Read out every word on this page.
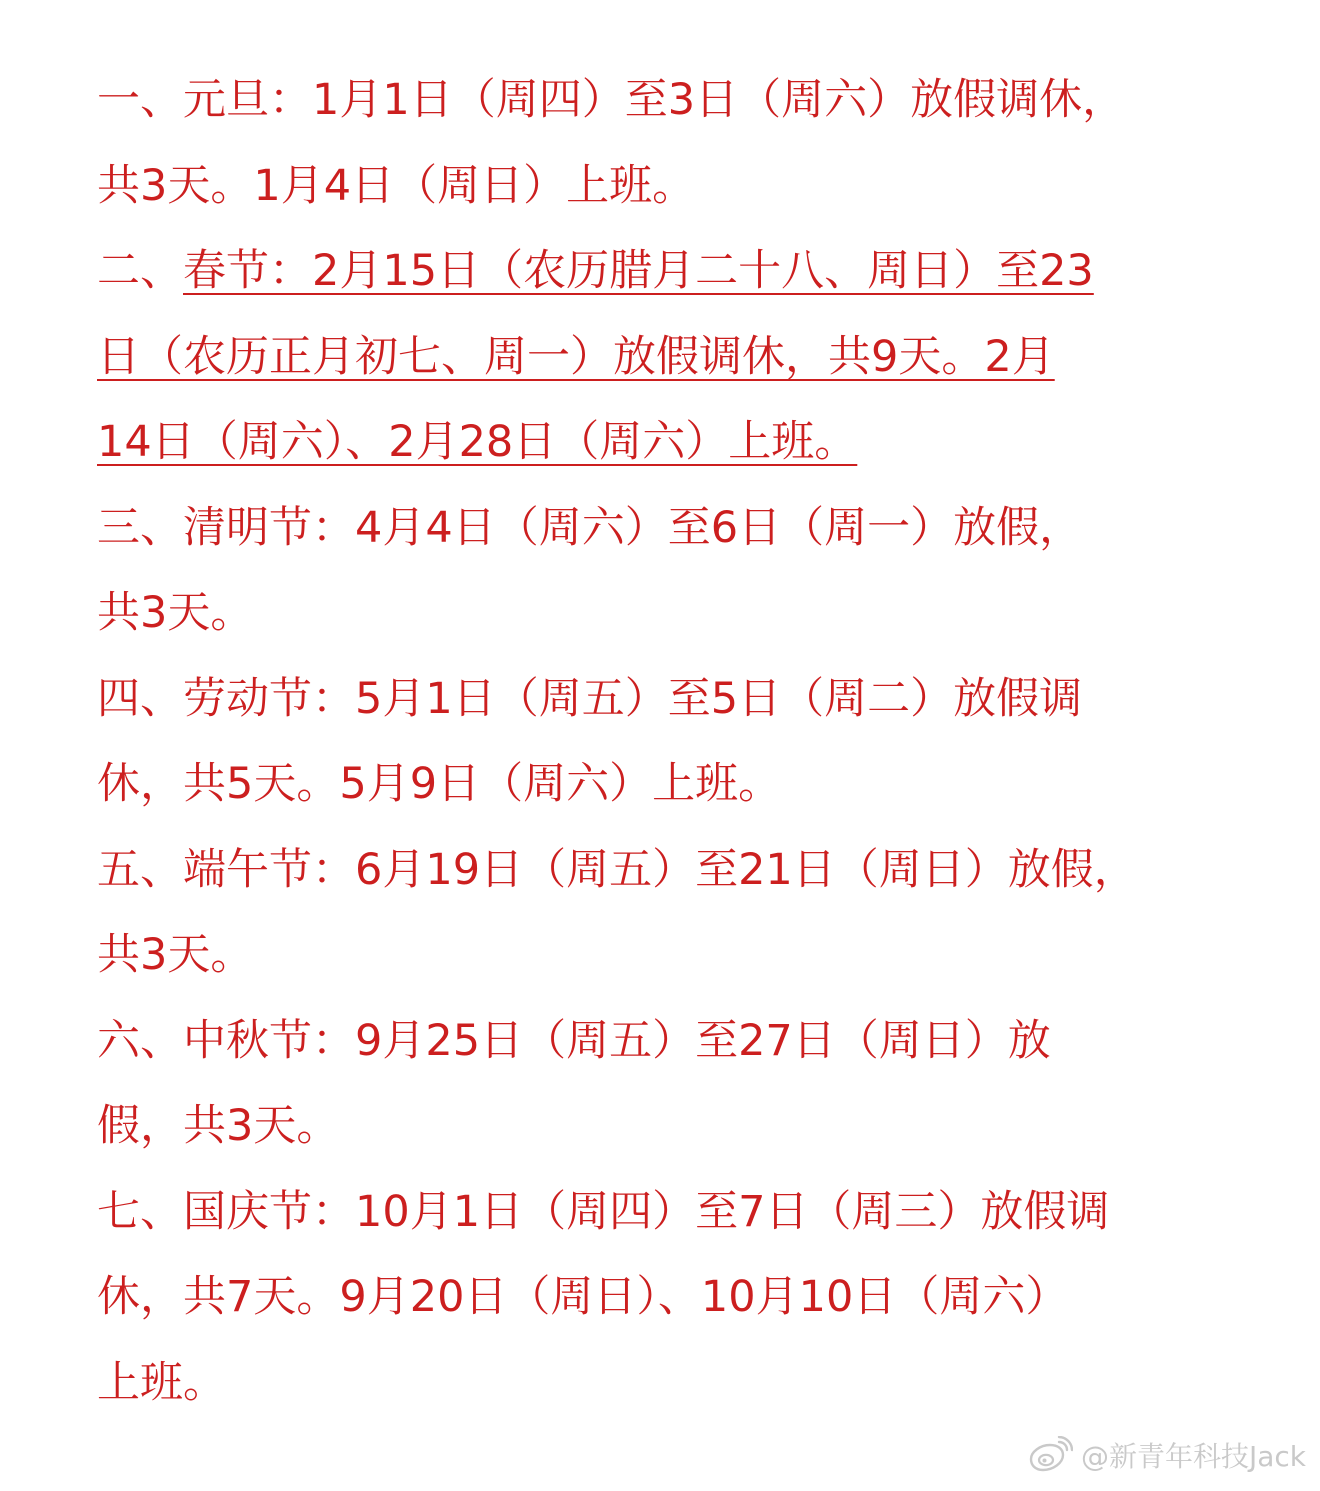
一、元旦：1月1日（周四）至3日（周六）放假调休，
共3天。1月4日（周日）上班。
二、春节：2月15日（农历腊月二十八、周日）至23
日（农历正月初七、周一）放假调休，共9天。2月
14日（周六）、2月28日（周六）上班。
三、清明节：4月4日（周六）至6日（周一）放假，
共3天。
四、劳动节：5月1日（周五）至5日（周二）放假调
休，共5天。5月9日（周六）上班。
五、端午节：6月19日（周五）至21日（周日）放假，
共3天。
六、中秋节：9月25日（周五）至27日（周日）放
假，共3天。
七、国庆节：10月1日（周四）至7日（周三）放假调
休，共7天。9月20日（周日）、10月10日（周六）
上班。
@新青年科技Jack
